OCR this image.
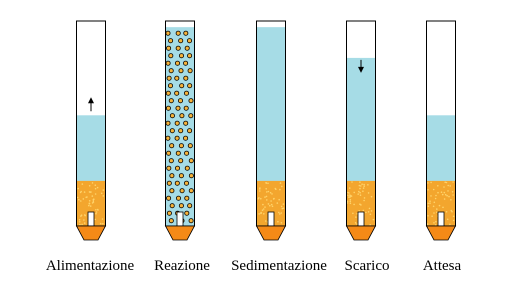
Alimentazione Reazione Sedimentazione Scarico Attesa
